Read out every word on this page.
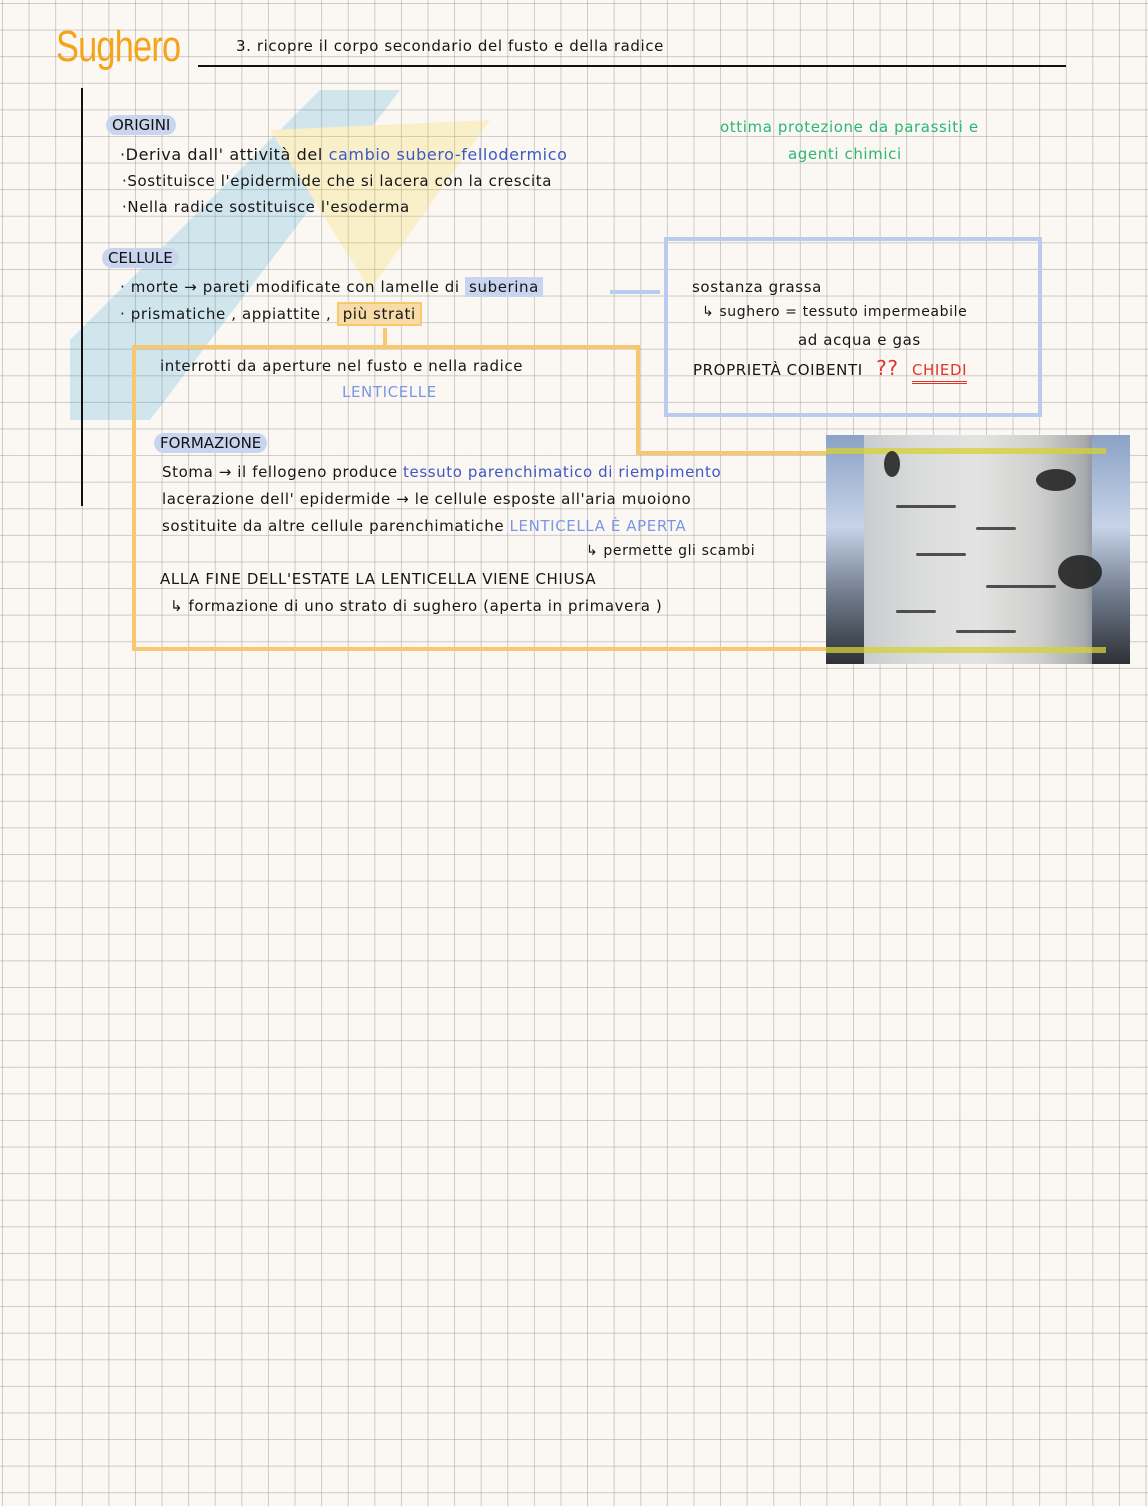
Sughero	3. ricopre il corpo secondario del fusto e della radice
ottima protezione da parassiti e
agenti chimici
ORIGINI
·Deriva dall' attività del cambio subero-fellodermico
·Sostituisce l'epidermide che si lacera con la crescita
·Nella radice sostituisce l'esoderma
CELLULE
· morte → pareti modificate con lamelle di suberina
· prismatiche , appiattite , più strati
sostanza grassa
↳ sughero = tessuto impermeabile
ad acqua e gas
PROPRIETÀ COIBENTI ?? CHIEDI
interrotti da aperture nel fusto e nella radice
LENTICELLE
FORMAZIONE
Stoma → il fellogeno produce tessuto parenchimatico di riempimento
lacerazione dell' epidermide → le cellule esposte all'aria muoiono
sostituite da altre cellule parenchimatiche LENTICELLA È APERTA
↳ permette gli scambi
ALLA FINE DELL'ESTATE LA LENTICELLA VIENE CHIUSA
↳ formazione di uno strato di sughero (aperta in primavera )
